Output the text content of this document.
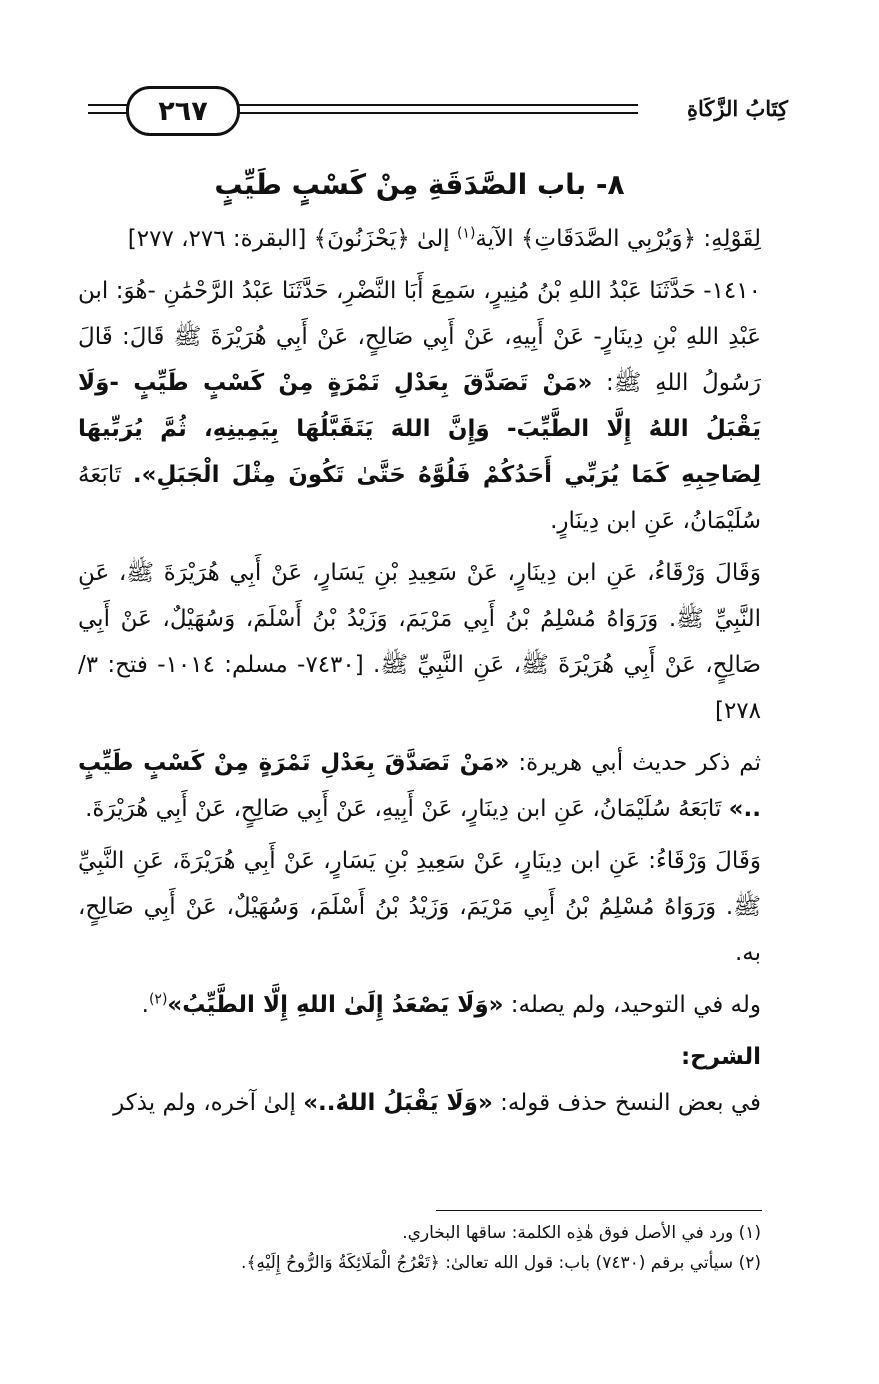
٢٦٧	كِتَابُ الزَّكَاةِ
٨- باب الصَّدَقَةِ مِنْ كَسْبٍ طَيِّبٍ

لِقَوْلِهِ: ﴿وَيُرْبِي الصَّدَقَاتِ﴾ الآية$^{(١)}$ إلىٰ ﴿يَحْزَنُونَ﴾ [البقرة: ٢٧٦، ٢٧٧]

١٤١٠- حَدَّثَنَا عَبْدُ اللهِ بْنُ مُنِيرٍ، سَمِعَ أَبَا النَّضْرِ، حَدَّثَنَا عَبْدُ الرَّحْمَٰنِ -هُوَ: ابن عَبْدِ اللهِ بْنِ دِينَارٍ- عَنْ أَبِيهِ، عَنْ أَبِي صَالِحٍ، عَنْ أَبِي هُرَيْرَةَ ﷺ قَالَ: قَالَ رَسُولُ اللهِ ﷺ: «مَنْ تَصَدَّقَ بِعَدْلِ تَمْرَةٍ مِنْ كَسْبٍ طَيِّبٍ -وَلَا يَقْبَلُ اللهُ إِلَّا الطَّيِّبَ- وَإِنَّ اللهَ يَتَقَبَّلُهَا بِيَمِينِهِ، ثُمَّ يُرَبِّيهَا لِصَاحِبِهِ كَمَا يُرَبِّي أَحَدُكُمْ فَلُوَّهُ حَتَّىٰ تَكُونَ مِثْلَ الْجَبَلِ». تَابَعَهُ سُلَيْمَانُ، عَنِ ابن دِينَارٍ.

وَقَالَ وَرْقَاءُ، عَنِ ابن دِينَارٍ، عَنْ سَعِيدِ بْنِ يَسَارٍ، عَنْ أَبِي هُرَيْرَةَ ﷺ، عَنِ النَّبِيِّ ﷺ. وَرَوَاهُ مُسْلِمُ بْنُ أَبِي مَرْيَمَ، وَزَيْدُ بْنُ أَسْلَمَ، وَسُهَيْلٌ، عَنْ أَبِي صَالِحٍ، عَنْ أَبِي هُرَيْرَةَ ﷺ، عَنِ النَّبِيِّ ﷺ. [٧٤٣٠- مسلم: ١٠١٤- فتح: ٣/ ٢٧٨]

ثم ذكر حديث أبي هريرة: «مَنْ تَصَدَّقَ بِعَدْلِ تَمْرَةٍ مِنْ كَسْبٍ طَيِّبٍ ..» تَابَعَهُ سُلَيْمَانُ، عَنِ ابن دِينَارٍ، عَنْ أَبِيهِ، عَنْ أَبِي صَالِحٍ، عَنْ أَبِي هُرَيْرَةَ.

وَقَالَ وَرْقَاءُ: عَنِ ابن دِينَارٍ، عَنْ سَعِيدِ بْنِ يَسَارٍ، عَنْ أَبِي هُرَيْرَةَ، عَنِ النَّبِيِّ ﷺ. وَرَوَاهُ مُسْلِمُ بْنُ أَبِي مَرْيَمَ، وَزَيْدُ بْنُ أَسْلَمَ، وَسُهَيْلٌ، عَنْ أَبِي صَالِحٍ، به.

وله في التوحيد، ولم يصله: «وَلَا يَصْعَدُ إِلَىٰ اللهِ إِلَّا الطَّيِّبُ»$^{(٢)}$.

الشرح:

في بعض النسخ حذف قوله: «وَلَا يَقْبَلُ اللهُ..» إلىٰ آخره، ولم يذكر

(١) ورد في الأصل فوق هٰذِه الكلمة: ساقها البخاري.

(٢) سيأتي برقم (٧٤٣٠) باب: قول الله تعالىٰ: ﴿تَعْرُجُ الْمَلَائِكَةُ وَالرُّوحُ إِلَيْهِ﴾.
